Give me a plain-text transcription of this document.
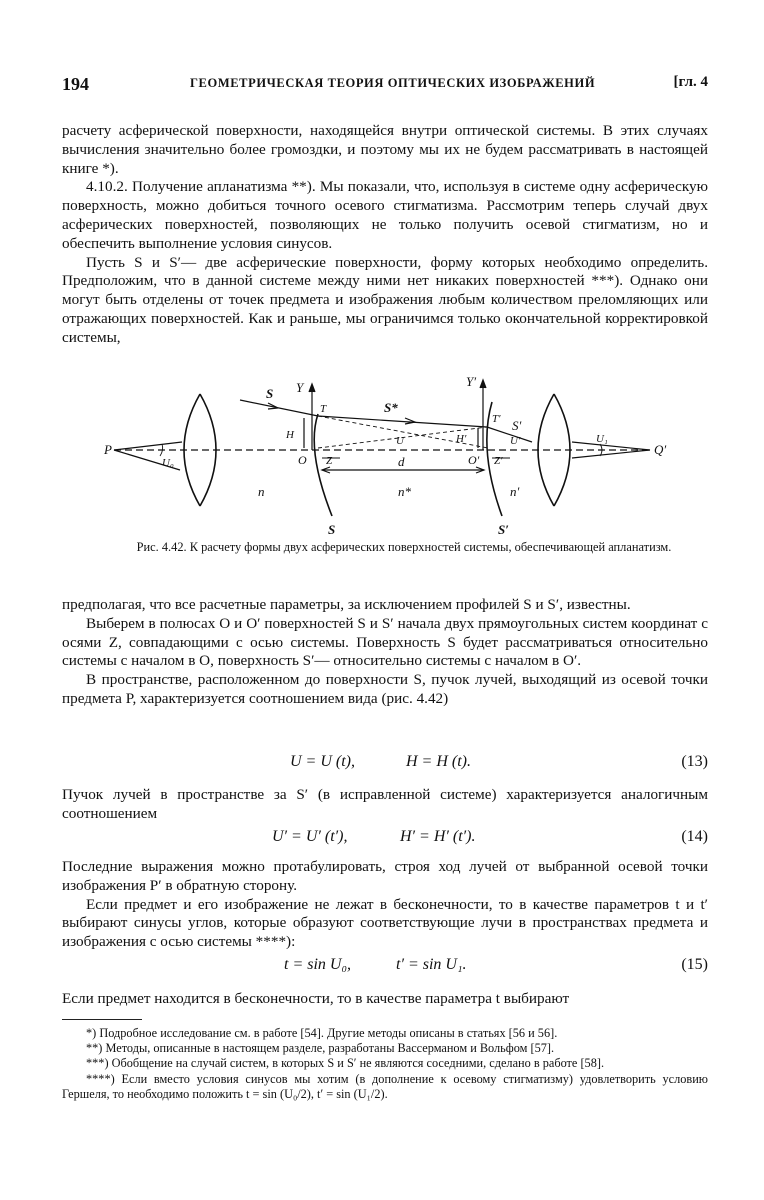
194	ГЕОМЕТРИЧЕСКАЯ ТЕОРИЯ ОПТИЧЕСКИХ ИЗОБРАЖЕНИЙ	[гл. 4

расчету асферической поверхности, находящейся внутри оптической системы. В этих случаях вычисления значительно более громоздки, и поэтому мы их не будем рассматривать в настоящей книге *).

4.10.2. Получение апланатизма **). Мы показали, что, используя в системе одну асферическую поверхность, можно добиться точного осевого стигматизма. Рассмотрим теперь случай двух асферических поверхностей, позволяющих не только получить осевой стигматизм, но и обеспечить выполнение условия синусов.

Пусть S и S′— две асферические поверхности, форму которых необходимо определить. Предположим, что в данной системе между ними нет никаких поверхностей ***). Однако они могут быть отделены от точек предмета и изображения любым количеством преломляющих или отражающих поверхностей. Как и раньше, мы ограничимся только окончательной корректировкой системы,

P	Q′
U₀
U₁
S
S*
S′
Y	Y′
T
T′
H	H′
O	O′
Z	Z′
U	U′
d
n	n*	n′
S	S′
Рис. 4.42. К расчету формы двух асферических поверхностей системы, обеспечивающей апланатизм.

предполагая, что все расчетные параметры, за исключением профилей S и S′, известны.

Выберем в полюсах O и O′ поверхностей S и S′ начала двух прямоугольных систем координат с осями Z, совпадающими с осью системы. Поверхность S будет рассматриваться относительно системы с началом в O, поверхность S′— относительно системы с началом в O′.

В пространстве, расположенном до поверхности S, пучок лучей, выходящий из осевой точки предмета P, характеризуется соотношением вида (рис. 4.42)

U = U (t),	H = H (t).	(13)
Пучок лучей в пространстве за S′ (в исправленной системе) характеризуется аналогичным соотношением
U′ = U′ (t′),	H′ = H′ (t′).	(14)

Последние выражения можно протабулировать, строя ход лучей от выбранной осевой точки изображения P′ в обратную сторону.

Если предмет и его изображение не лежат в бесконечности, то в качестве параметров t и t′ выбирают синусы углов, которые образуют соответствующие лучи в пространствах предмета и изображения с осью системы ****):

t = sin U₀,	t′ = sin U₁.	(15)
Если предмет находится в бесконечности, то в качестве параметра t выбирают

*) Подробное исследование см. в работе [54]. Другие методы описаны в статьях [56 и 56].

**) Методы, описанные в настоящем разделе, разработаны Вассерманом и Вольфом [57].

***) Обобщение на случай систем, в которых S и S′ не являются соседними, сделано в работе [58].

****) Если вместо условия синусов мы хотим (в дополнение к осевому стигматизму) удовлетворить условию Гершеля, то необходимо положить t = sin (U₀/2), t′ = sin (U₁/2).
